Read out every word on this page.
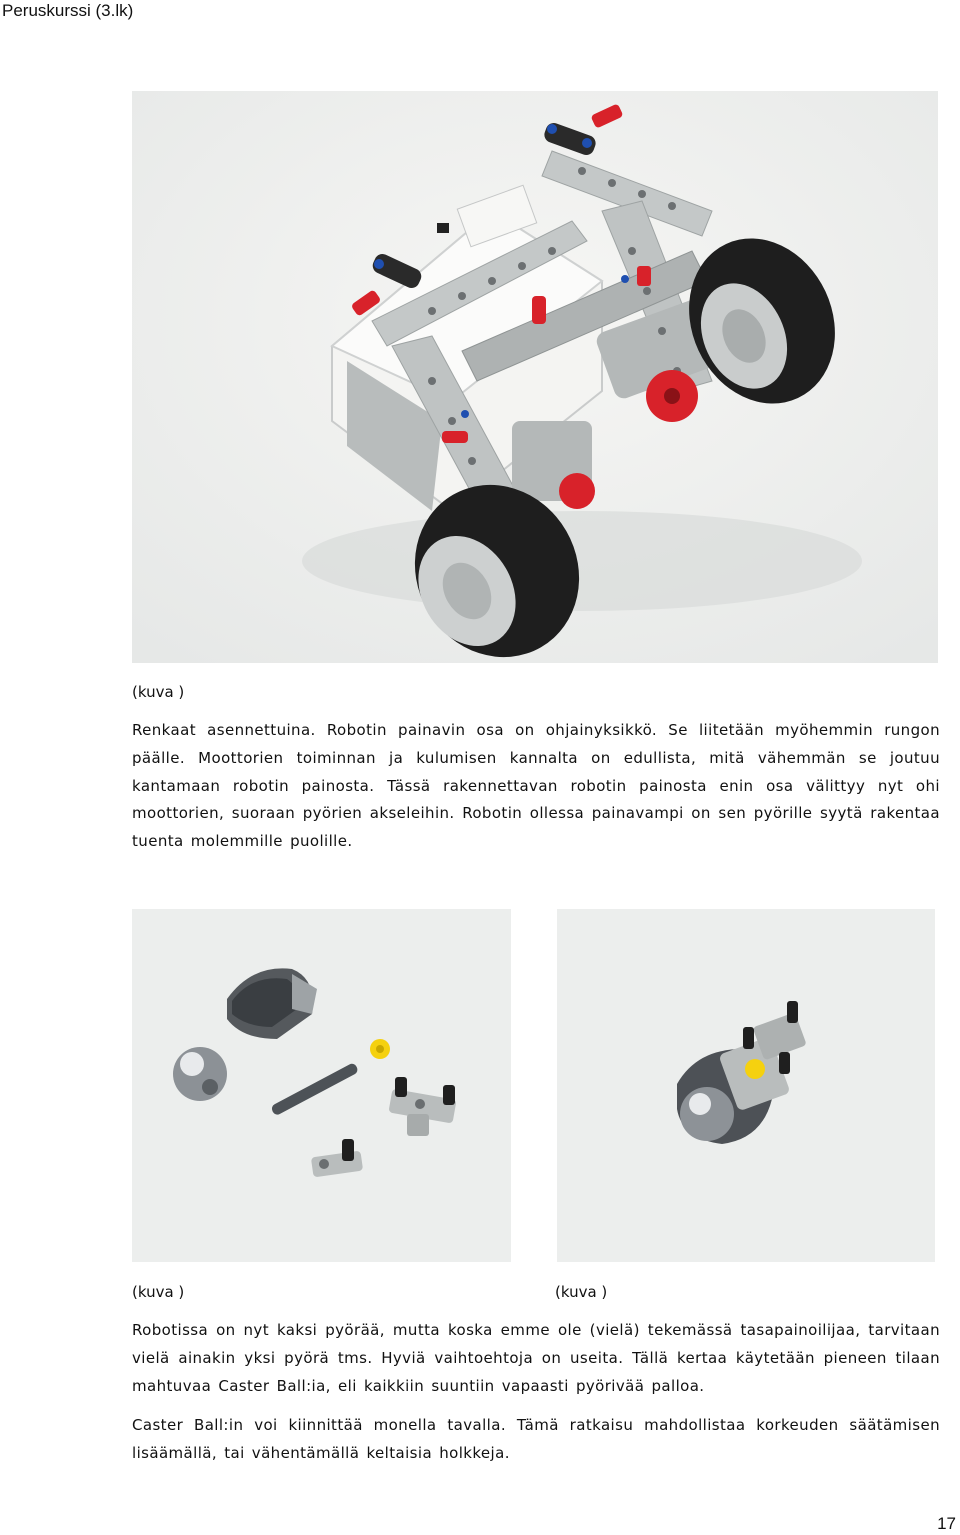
Peruskurssi (3.lk)
(kuva )

Renkaat asennettuina. Robotin painavin osa on ohjainyksikkö. Se liitetään myöhemmin rungon päälle. Moottorien toiminnan ja kulumisen kannalta on edullista, mitä vähemmän se joutuu kantamaan robotin painosta. Tässä rakennettavan robotin painosta enin osa välittyy nyt ohi moottorien, suoraan pyörien akseleihin. Robotin ollessa painavampi on sen pyörille syytä rakentaa tuenta molemmille puolille.

(kuva )	(kuva )

Robotissa on nyt kaksi pyörää, mutta koska emme ole (vielä) tekemässä tasapainoilijaa, tarvitaan vielä ainakin yksi pyörä tms. Hyviä vaihtoehtoja on useita. Tällä kertaa käytetään pieneen tilaan mahtuvaa Caster Ball:ia, eli kaikkiin suuntiin vapaasti pyörivää palloa.

Caster Ball:in voi kiinnittää monella tavalla. Tämä ratkaisu mahdollistaa korkeuden säätämisen lisäämällä, tai vähentämällä keltaisia holkkeja.

17
